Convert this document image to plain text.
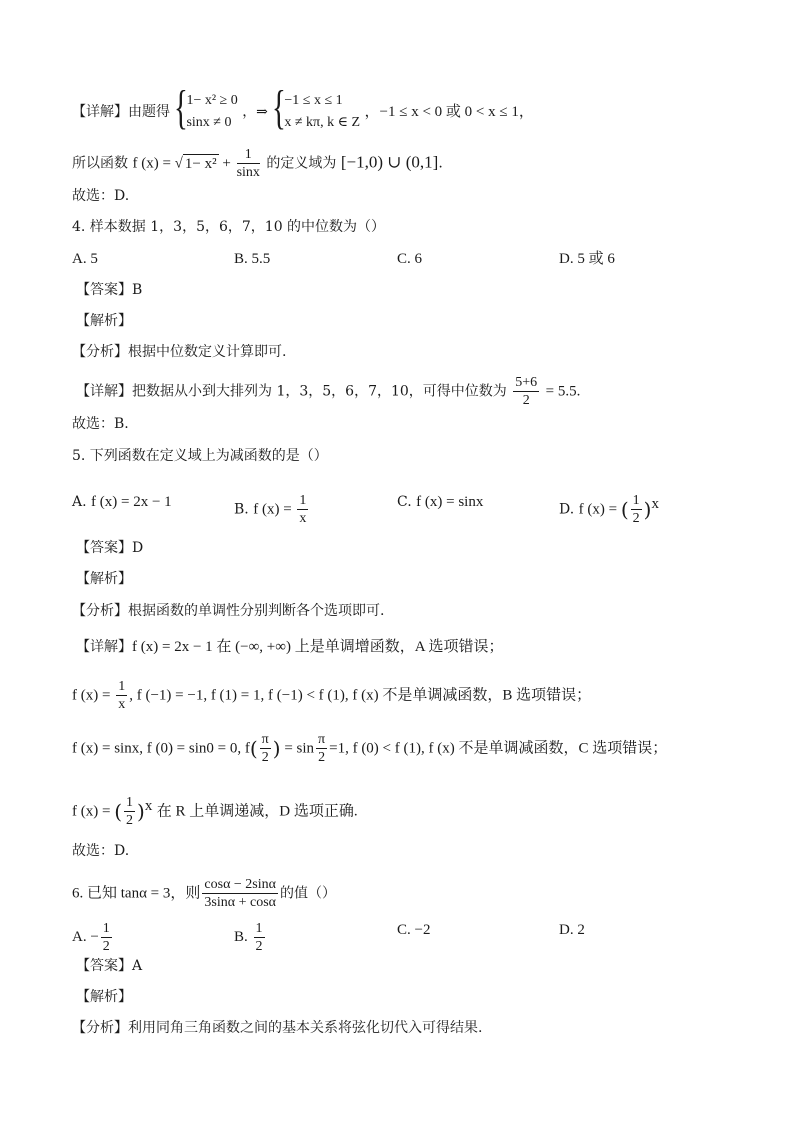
【详解】由题得 {
1− x² ≥ 0
sinx ≠ 0
，⇒ {
−1 ≤ x ≤ 1
x ≠ kπ, k ∈ Z
，−1 ≤ x < 0 或 0 < x ≤ 1，
所以函数 f (x) = √ $1- x^2 + \frac{1}{\sin x}$ 的定义域为 [−1,0) ∪ (0,1].
故选：D.
4. 样本数据 1，3，5，6，7，10 的中位数为（）
A. 5	B. 5.5	C. 6	D. 5 或 6
【答案】B
【解析】
【分析】根据中位数定义计算即可.
【详解】把数据从小到大排列为 1，3，5，6，7，10，可得中位数为 $\frac{5+6}{2} = 5.5$.
故选：B.
5. 下列函数在定义域上为减函数的是（）
A. f (x) = 2x − 1	B. f $(x) = \frac{1}{x}$	C. f (x) = sinx	D. f (x) = ( $\frac{1}{2} )^x$
【答案】D
【解析】
【分析】根据函数的单调性分别判断各个选项即可.
【详解】f (x) = 2x − 1 在 (−∞, +∞) 上是单调增函数，A 选项错误；
f $(x) = \frac{1}{x}$ , f (−1) = −1, f (1) = 1, f (−1) < f (1), f (x) 不是单调减函数，B 选项错误；
f (x) = sinx, f (0) = sin0 = 0, $f( \frac{\pi}{2}$ ) = $\sin \frac{\pi}{2} =1$, f (0) < f (1), f (x) 不是单调减函数，C 选项错误；
f (x) = ( $\frac{1}{2} )^x$ 在 R 上单调递减，D 选项正确.
故选：D.
6. 已知 tanα = 3，则 $\frac{\cos\alpha - 2\sin\alpha}{3\sin\alpha + \cos\alpha}$ 的值（）
A. − $\frac{1}{2}$	B. $\frac{1}{2}$	C. −2	D. 2
【答案】A
【解析】
【分析】利用同角三角函数之间的基本关系将弦化切代入可得结果.
